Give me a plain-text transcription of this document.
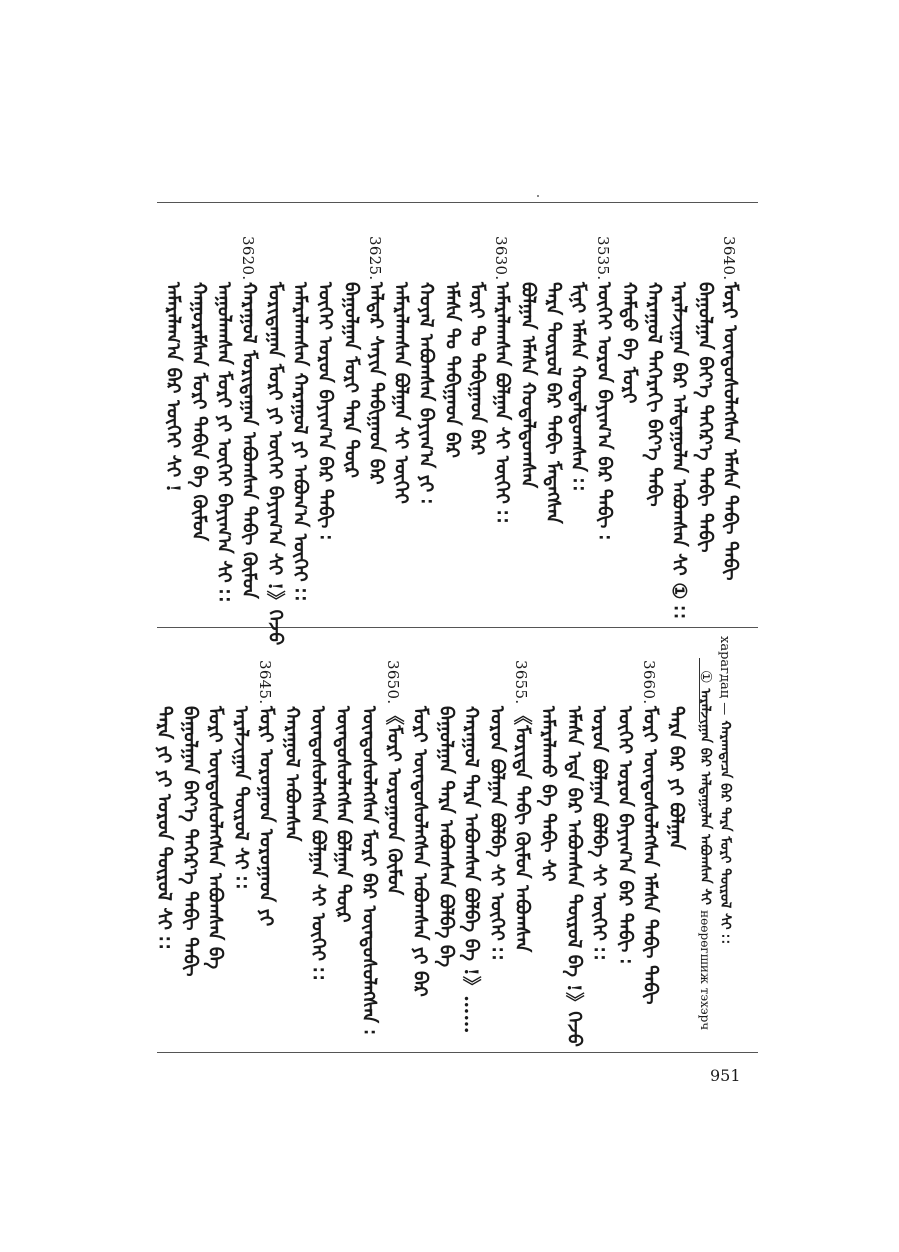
3640.
ᠮᠣᠷᠢ ᠦᠨᠳᠦᠰᠦᠯᠡᠭᠰᠡᠨ ᠡᠮᠡᠰᠡ ᠲᠠᠪᠢ ᠲᠠᠪᠢ
ᠪᠠᠭᠤᠯᠭᠠᠨ ᠪᠡᠶ᠎ᠡ ᠳᠡᠭᠡᠷ᠎ᠡ ᠲᠠᠪᠢ ᠲᠠᠪᠢ
ᠠᠷᠠᠯᠵᠢᠭᠠᠨ ᠪᠠᠷ ᠠᠯᠳᠠᠭᠤᠯᠠᠨ ᠠᠪᠤᠭᠰᠠᠨ ᠰᠢ ① ∷
ᠬᠠᠷᠠᠭᠤᠯ ᠳᠡᠭᠡᠷᠡᠬᠢ ᠪᠡᠶ᠎ᠡ ᠲᠠᠪᠢ
ᠬᠠᠮᠲᠤ ᠪᠠ ᠮᠣᠷᠢ
3535.
ᠦᠭᠡᠢ ᠣᠷᠣᠨ ᠪᠠᠶᠢᠭ᠎ᠠ ᠪᠠᠷ ᠲᠠᠪᠢ ∶
ᠮᠢᠨᠢ ᠡᠮᠡᠰᠡ ᠬᠤᠳᠠᠯᠳᠤᠭᠰᠠᠨ ∷
ᠲᠡᠷᠡ ᠲᠦᠷᠦᠯ ᠪᠠᠷ ᠲᠠᠪᠢ ᠮᠡᠳᠡᠭᠰᠡᠨ
ᠪᠣᠯᠭᠠᠨ ᠡᠮᠡᠰᠡ ᠬᠤᠳᠠᠯᠳᠤᠭᠰᠠᠨ
3630.
ᠠᠮᠠᠷᠠᠯᠠᠭᠰᠠᠨ ᠪᠣᠯᠭᠠᠨ ᠰᠢ ᠦᠭᠡᠢ ∷
ᠮᠣᠷᠢ ᠲᠤ ᠲᠠᠪᠢᠭᠠᠳ ᠪᠠᠷ
ᠡᠮᠡᠰᠡ ᠲᠤ ᠲᠠᠪᠢᠭᠠᠳ ᠪᠠᠷ
ᠬᠣᠶᠠᠯ ᠠᠪᠤᠭᠰᠠᠨ ᠪᠠᠶᠢᠭ᠎ᠠ ᠶᠢ ∶
ᠠᠮᠠᠷᠠᠯᠠᠭᠰᠠᠨ ᠪᠣᠯᠭᠠᠨ ᠰᠢ ᠦᠭᠡᠢ
3625.
ᠠᠯᠳᠠᠷ ᠰᠠᠶᠢᠨ ᠲᠠᠪᠢᠭᠠᠳ ᠪᠠᠷ
ᠪᠠᠭᠤᠯᠭᠠᠨ ᠮᠣᠷᠢ ᠲᠡᠷᠡ ᠳᠦᠷ
ᠦᠭᠡᠢ ᠣᠷᠣᠨ ᠪᠠᠶᠢᠭ᠎ᠠ ᠪᠠᠷ ᠲᠠᠪᠢ ∶
ᠠᠮᠠᠷᠠᠯᠠᠭᠰᠠᠨ ᠬᠠᠷᠠᠭᠤᠯ ᠶᠢ ᠠᠪᠤᠭ᠎ᠠ ᠦᠭᠡᠢ ∷
ᠮᠣᠷᠢᠳᠠᠭᠠᠨ ᠮᠣᠷᠢ ᠶᠢ ᠦᠭᠡᠢ ᠪᠠᠶᠢᠭ᠎ᠠ ᠰᠢ !》ᠭᠡᠵᠦ
3620.
ᠬᠠᠷᠠᠭᠤᠯ ᠮᠣᠷᠢᠳᠠᠭᠠᠨ ᠠᠪᠤᠭᠰᠠᠨ ᠲᠠᠪᠢ ᠬᠦᠮᠦᠨ
ᠠᠭᠤᠯᠠᠭᠰᠠᠨ ᠮᠣᠷᠢ ᠶᠢ ᠦᠭᠡᠢ ᠪᠠᠶᠢᠭ᠎ᠠ ᠰᠢ ∷
ᠬᠠᠭᠤᠷᠠᠮᠰᠠᠨ ᠮᠣᠷᠢ ᠲᠠᠪᠢᠨ ᠪᠠ ᠬᠦᠮᠦᠨ
ᠠᠮᠠᠷᠠᠯᠠᠭ᠎ᠠ ᠪᠠᠷ ᠦᠭᠡᠢ ᠰᠢ !
ᠲᠡᠷᠡ ᠪᠠᠷ ᠶᠢ ᠪᠣᠯᠭᠠᠨ
3660.
ᠮᠣᠷᠢ ᠦᠨᠳᠦᠰᠦᠯᠡᠭᠰᠡᠨ ᠡᠮᠡᠰᠡ ᠲᠠᠪᠢ ᠲᠠᠪᠢ
ᠦᠭᠡᠢ ᠣᠷᠣᠨ ᠪᠠᠶᠢᠭ᠎ᠠ ᠪᠠᠷ ᠲᠠᠪᠢ ∶
ᠣᠷᠣᠨ ᠪᠣᠯᠭᠠᠨ ᠪᠣᠯᠪᠠ ᠰᠢ ᠦᠭᠡᠢ ∷
ᠡᠮᠡᠰᠡ ᠡᠳᠡ ᠪᠠᠷ ᠠᠪᠤᠭᠰᠠᠨ ᠲᠦᠷᠦᠯ ᠪᠠ !》ᠭᠡᠵᠦ
ᠠᠮᠠᠷᠠᠯᠠᠬᠤ ᠪᠠ ᠲᠠᠪᠢ ᠰᠢ
3655.
《ᠮᠣᠷᠢᠳᠠ ᠲᠠᠪᠢ ᠬᠦᠮᠦᠨ ᠠᠪᠤᠭᠰᠠᠨ
ᠣᠷᠣᠨ ᠪᠣᠯᠭᠠᠨ ᠪᠣᠯᠪᠠ ᠰᠢ ᠦᠭᠡᠢ ∷
ᠬᠠᠷᠠᠭᠤᠯ ᠲᠡᠷᠡ ᠠᠪᠤᠭᠰᠠᠨ ᠪᠣᠯᠪᠠ ᠪᠠ !》……
ᠪᠠᠭᠤᠯᠭᠠᠨ ᠲᠡᠷᠡ ᠠᠪᠤᠭᠰᠠᠨ ᠪᠣᠯᠪᠠ ᠪᠠ
ᠮᠣᠷᠢ ᠦᠨᠳᠦᠰᠦᠯᠡᠭᠰᠡᠨ ᠠᠪᠤᠭᠰᠠᠨ ᠶᠢ ᠪᠠᠷ
3650.
《ᠮᠣᠷᠢ ᠣᠷᠣᠭᠠᠳ ᠬᠦᠮᠦᠨ
ᠦᠨᠳᠦᠰᠦᠯᠡᠭᠰᠡᠨ ᠮᠣᠷᠢ ᠪᠠᠷ ᠦᠨᠳᠦᠰᠦᠯᠡᠭᠰᠡᠨ ∶
ᠦᠨᠳᠦᠰᠦᠯᠡᠭᠰᠡᠨ ᠪᠣᠯᠭᠠᠨ ᠳᠦᠷ
ᠦᠨᠳᠦᠰᠦᠯᠡᠭᠰᠡᠨ ᠪᠣᠯᠭᠠᠨ ᠰᠢ ᠦᠭᠡᠢ ∷
ᠬᠠᠷᠠᠭᠤᠯ ᠠᠪᠤᠭᠰᠠᠨ
3645.
ᠮᠣᠷᠢ ᠣᠷᠣᠭᠠᠳ ᠣᠷᠣᠭᠠᠳ ᠶᠢ
ᠠᠷᠠᠯᠵᠢᠭᠠᠨ ᠲᠦᠷᠦᠯ ᠰᠢ ∷
ᠮᠣᠷᠢ ᠦᠨᠳᠦᠰᠦᠯᠡᠭᠰᠡᠨ ᠠᠪᠤᠭᠰᠠᠨ ᠪᠠ
ᠪᠠᠭᠤᠯᠭᠠᠨ ᠪᠡᠶ᠎ᠡ ᠳᠡᠭᠡᠷ᠎ᠡ ᠲᠠᠪᠢ ᠲᠠᠪᠢ
ᠲᠡᠷᠡ ᠶᠢ ᠶᠢ ᠣᠷᠣᠨ ᠲᠦᠷᠦᠯ ᠰᠢ ∷
харагдац — ᠬᠠᠷᠠᠭᠳᠠᠴᠠ ᠪᠠᠷ ᠲᠡᠷᠡ ᠮᠣᠷᠢ ᠲᠦᠷᠦᠯ ᠰᠢ ∷
① ᠠᠷᠠᠯᠵᠢᠭᠠᠨ ᠪᠠᠷ ᠠᠯᠳᠠᠭᠤᠯᠠᠨ ᠠᠪᠤᠭᠰᠠᠨ ᠰᠢ нөөрөгшиж тэхэрч
951
